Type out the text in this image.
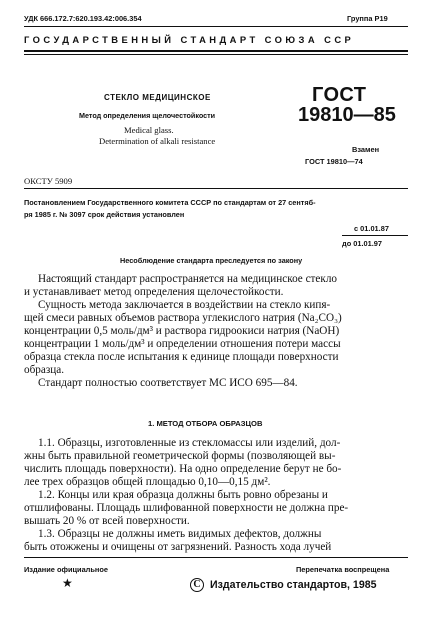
УДК 666.172.7:620.193.42:006.354	Группа Р19
ГОСУДАРСТВЕННЫЙ СТАНДАРТ СОЮЗА ССР
СТЕКЛО МЕДИЦИНСКОЕ
Метод определения щелочестойкости
Medical glass.
Determination of alkali resistance
ГОСТ
19810—85
Взамен
ГОСТ 19810—74
ОКСТУ 5909
Постановлением Государственного комитета СССР по стандартам от 27 сентяб-
ря 1985 г. № 3097 срок действия установлен
с 01.01.87
до 01.01.97
Несоблюдение стандарта преследуется по закону
Настоящий стандарт распространяется на медицинское стекло
и устанавливает метод определения щелочестойкости.
Сущность метода заключается в воздействии на стекло кипя-
щей смеси равных объемов раствора углекислого натрия (Na₂CO₃)
концентрации 0,5 моль/дм³ и раствора гидроокиси натрия (NaOH)
концентрации 1 моль/дм³ и определении отношения потери массы
образца стекла после испытания к единице площади поверхности
образца.
Стандарт полностью соответствует МС ИСО 695—84.
1. МЕТОД ОТБОРА ОБРАЗЦОВ
1.1. Образцы, изготовленные из стекломассы или изделий, дол-
жны быть правильной геометрической формы (позволяющей вы-
числить площадь поверхности). На одно определение берут не бо-
лее трех образцов общей площадью 0,10—0,15 дм².
1.2. Концы или края образца должны быть ровно обрезаны и
отшлифованы. Площадь шлифованной поверхности не должна пре-
вышать 20 % от всей поверхности.
1.3. Образцы не должны иметь видимых дефектов, должны
быть отожжены и очищены от загрязнений. Разность хода лучей
Издание официальное	Перепечатка воспрещена
★	C Издательство стандартов, 1985
